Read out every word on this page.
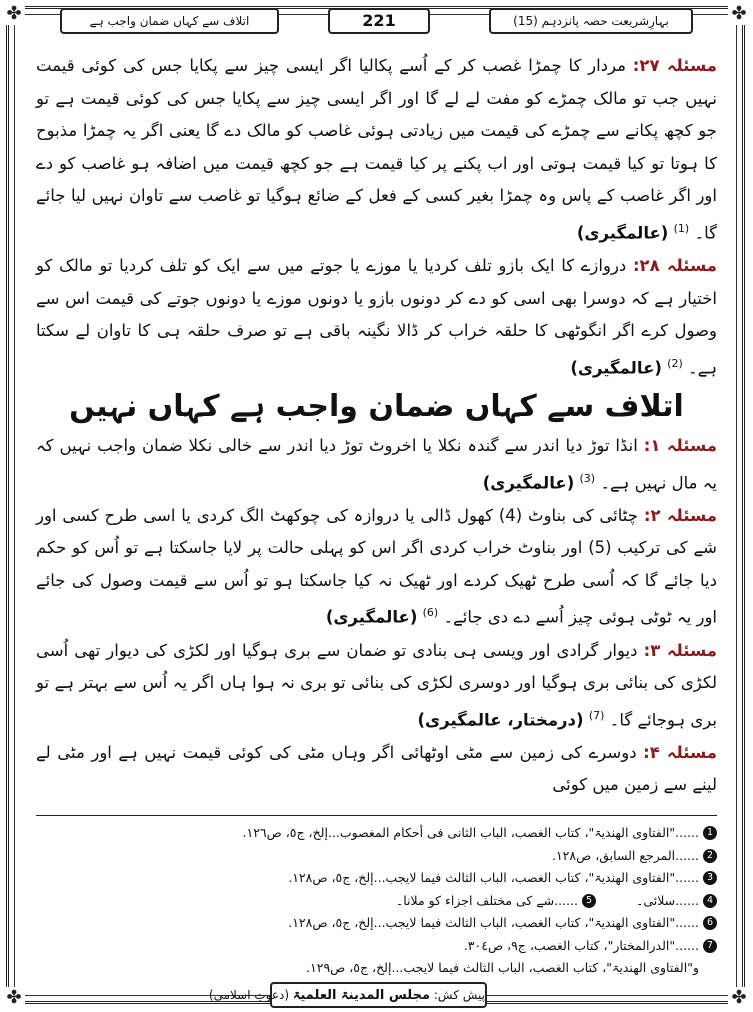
✤	✤
✤	✤
بہارِشریعت حصہ پانزدہم (15)
221
اتلاف سے کہاں ضمان واجب ہے

مسئلہ ۲۷: مردار کا چمڑا غصب کر کے اُسے پکالیا اگر ایسی چیز سے پکایا جس کی کوئی قیمت نہیں جب تو مالک چمڑے کو مفت لے لے گا اور اگر ایسی چیز سے پکایا جس کی کوئی قیمت ہے تو جو کچھ پکانے سے چمڑے کی قیمت میں زیادتی ہوئی غاصب کو مالک دے گا یعنی اگر یہ چمڑا مذبوح کا ہوتا تو کیا قیمت ہوتی اور اب پکنے پر کیا قیمت ہے جو کچھ قیمت میں اضافہ ہو غاصب کو دے اور اگر غاصب کے پاس وہ چمڑا بغیر کسی کے فعل کے ضائع ہوگیا تو غاصب سے تاوان نہیں لیا جائے گا۔ $^{(1)}$ (عالمگیری)

مسئلہ ۲۸: دروازے کا ایک بازو تلف کردیا یا موزے یا جوتے میں سے ایک کو تلف کردیا تو مالک کو اختیار ہے کہ دوسرا بھی اسی کو دے کر دونوں بازو یا دونوں موزے یا دونوں جوتے کی قیمت اس سے وصول کرے اگر انگوٹھی کا حلقہ خراب کر ڈالا نگینہ باقی ہے تو صرف حلقہ ہی کا تاوان لے سکتا ہے۔ $^{(2)}$ (عالمگیری)

اتلاف سے کہاں ضمان واجب ہے کہاں نہیں

مسئلہ ۱: انڈا توڑ دیا اندر سے گندہ نکلا یا اخروٹ توڑ دیا اندر سے خالی نکلا ضمان واجب نہیں کہ یہ مال نہیں ہے۔ $^{(3)}$ (عالمگیری)

مسئلہ ۲: چٹائی کی بناوٹ (4) کھول ڈالی یا دروازہ کی چوکھٹ الگ کردی یا اسی طرح کسی اور شے کی ترکیب (5) اور بناوٹ خراب کردی اگر اس کو پہلی حالت پر لایا جاسکتا ہے تو اُس کو حکم دیا جائے گا کہ اُسی طرح ٹھیک کردے اور ٹھیک نہ کیا جاسکتا ہو تو اُس سے قیمت وصول کی جائے اور یہ ٹوٹی ہوئی چیز اُسے دے دی جائے۔ $^{(6)}$ (عالمگیری)

مسئلہ ۳: دیوار گرادی اور ویسی ہی بنادی تو ضمان سے بری ہوگیا اور لکڑی کی دیوار تھی اُسی لکڑی کی بنائی بری ہوگیا اور دوسری لکڑی کی بنائی تو بری نہ ہوا ہاں اگر یہ اُس سے بہتر ہے تو بری ہوجائے گا۔ $^{(7)}$ (درمختار، عالمگیری)

مسئلہ ۴: دوسرے کی زمین سے مٹی اوٹھائی اگر وہاں مٹی کی کوئی قیمت نہیں ہے اور مٹی لے لینے سے زمین میں کوئی

1
......"الفتاوی الھندیۃ"، کتاب الغصب، الباب الثانی فی أحکام المغصوب...إلخ، ج٥، ص١٢٦.
2
......المرجع السابق، ص١٢٨.
3
......"الفتاوی الھندیۃ"، کتاب الغصب، الباب الثالث فیما لایجب...إلخ، ج٥، ص١٢٨.
4
......سلائی۔
5
......شے کی مختلف اجزاء کو ملانا۔
6
......"الفتاوی الھندیۃ"، کتاب الغصب، الباب الثالث فیما لایجب...إلخ، ج٥، ص١٢٨.
7
......"الدرالمختار"، کتاب الغصب، ج٩، ص٣٠٤.
و"الفتاوی الھندیۃ"، کتاب الغصب، الباب الثالث فیما لایجب...إلخ، ج٥، ص١٢٩.
پیش کش: مجلس المدینۃ العلمیۃ (دعوتِ اسلامی)
